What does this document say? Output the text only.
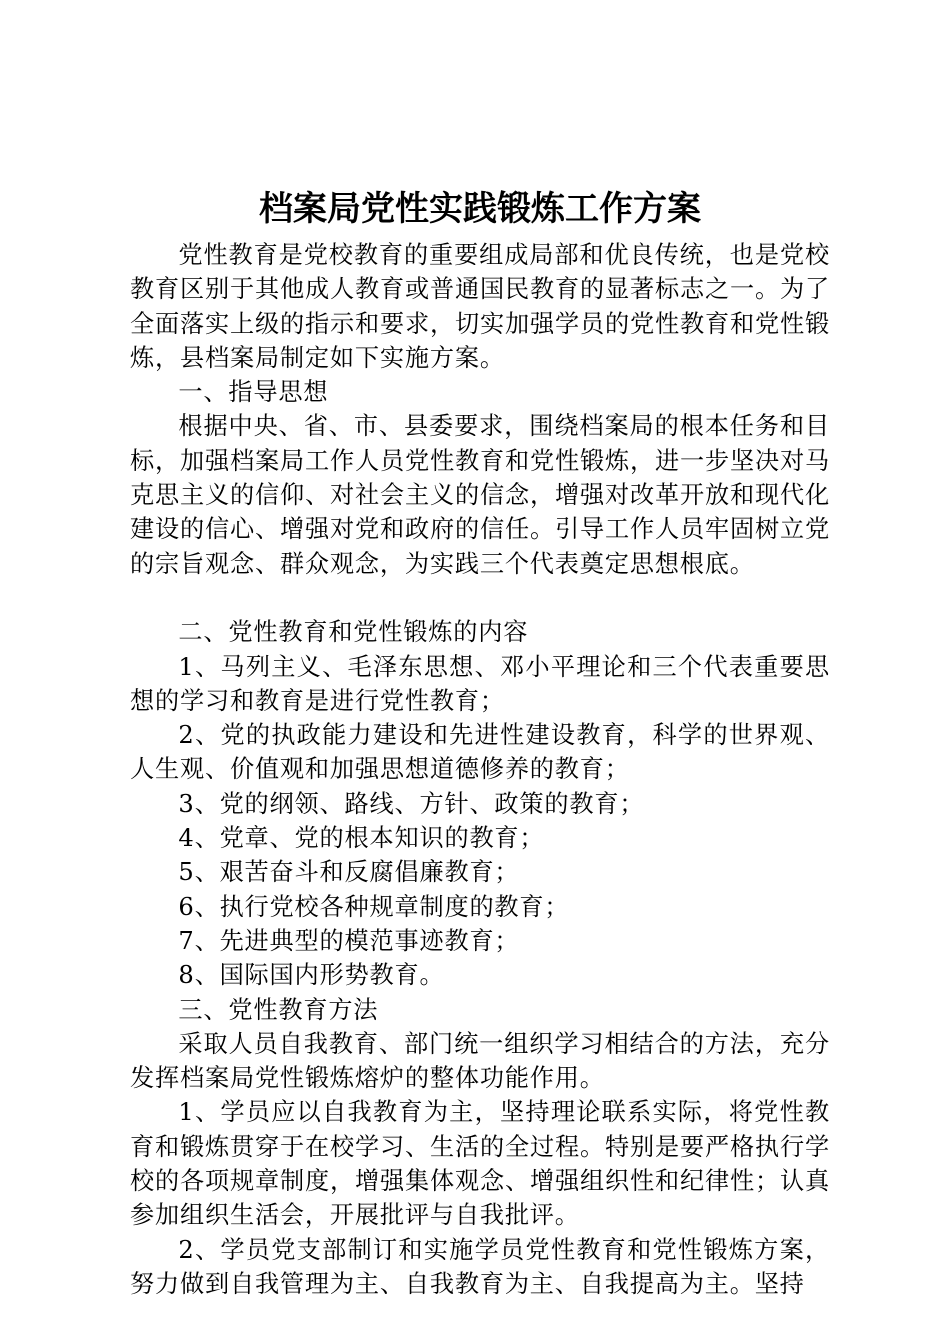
档案局党性实践锻炼工作方案

党性教育是党校教育的重要组成局部和优良传统，也是党校教育区别于其他成人教育或普通国民教育的显著标志之一。为了全面落实上级的指示和要求，切实加强学员的党性教育和党性锻炼，县档案局制定如下实施方案。

一、指导思想

根据中央、省、市、县委要求，围绕档案局的根本任务和目标，加强档案局工作人员党性教育和党性锻炼，进一步坚决对马克思主义的信仰、对社会主义的信念，增强对改革开放和现代化建设的信心、增强对党和政府的信任。引导工作人员牢固树立党的宗旨观念、群众观念，为实践三个代表奠定思想根底。

二、党性教育和党性锻炼的内容

1、马列主义、毛泽东思想、邓小平理论和三个代表重要思想的学习和教育是进行党性教育；

2、党的执政能力建设和先进性建设教育，科学的世界观、人生观、价值观和加强思想道德修养的教育；

3、党的纲领、路线、方针、政策的教育；

4、党章、党的根本知识的教育；

5、艰苦奋斗和反腐倡廉教育；

6、执行党校各种规章制度的教育；

7、先进典型的模范事迹教育；

8、国际国内形势教育。

三、党性教育方法

采取人员自我教育、部门统一组织学习相结合的方法，充分发挥档案局党性锻炼熔炉的整体功能作用。

1、学员应以自我教育为主，坚持理论联系实际，将党性教育和锻炼贯穿于在校学习、生活的全过程。特别是要严格执行学校的各项规章制度，增强集体观念、增强组织性和纪律性；认真参加组织生活会，开展批评与自我批评。

2、学员党支部制订和实施学员党性教育和党性锻炼方案，努力做到自我管理为主、自我教育为主、自我提高为主。坚持
